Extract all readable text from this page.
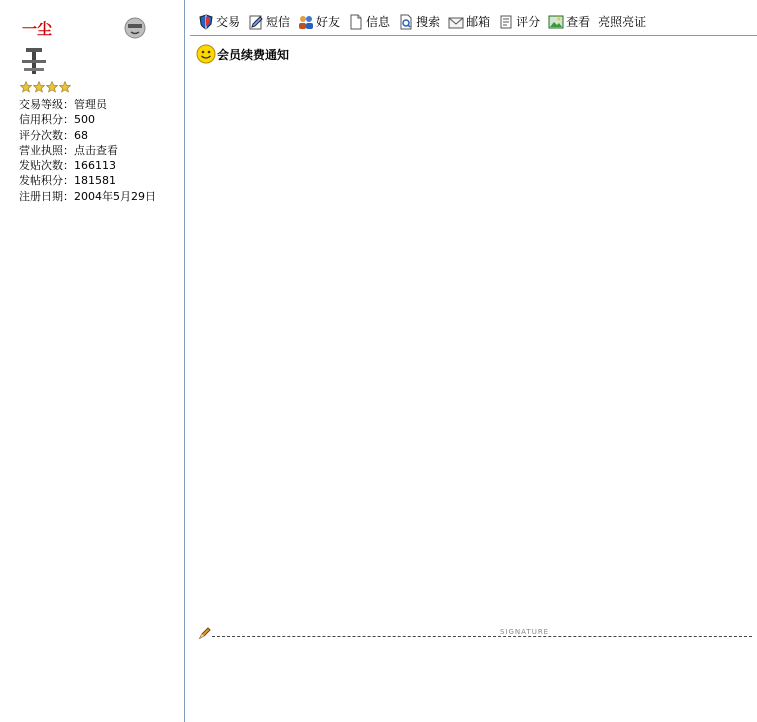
一尘
交易等级：管理员
信用积分：500
评分次数：68
营业执照：点击查看
发贴次数：166113
发帖积分：181581
注册日期：2004年5月29日
交易 短信 好友 信息 搜索 邮箱 评分 查看 亮照亮证
会员续费通知
SIGNATURE
